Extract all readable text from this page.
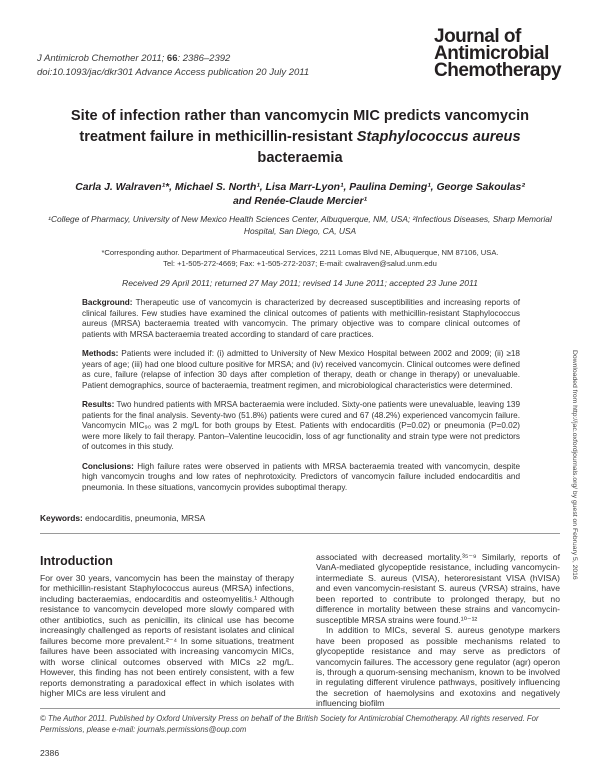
J Antimicrob Chemother 2011; 66: 2386–2392
doi:10.1093/jac/dkr301 Advance Access publication 20 July 2011
Journal of
Antimicrobial
Chemotherapy
Site of infection rather than vancomycin MIC predicts vancomycin treatment failure in methicillin-resistant Staphylococcus aureus bacteraemia
Carla J. Walraven¹*, Michael S. North¹, Lisa Marr-Lyon¹, Paulina Deming¹, George Sakoulas²
and Renée-Claude Mercier¹
¹College of Pharmacy, University of New Mexico Health Sciences Center, Albuquerque, NM, USA; ²Infectious Diseases, Sharp Memorial Hospital, San Diego, CA, USA
*Corresponding author. Department of Pharmaceutical Services, 2211 Lomas Blvd NE, Albuquerque, NM 87106, USA.
Tel: +1-505-272-4669; Fax: +1-505-272-2037; E-mail: cwalraven@salud.unm.edu
Received 29 April 2011; returned 27 May 2011; revised 14 June 2011; accepted 23 June 2011

Background: Therapeutic use of vancomycin is characterized by decreased susceptibilities and increasing reports of clinical failures. Few studies have examined the clinical outcomes of patients with methicillin-resistant Staphylococcus aureus (MRSA) bacteraemia treated with vancomycin. The primary objective was to compare clinical outcomes of patients with MRSA bacteraemia treated according to standard of care practices.

Methods: Patients were included if: (i) admitted to University of New Mexico Hospital between 2002 and 2009; (ii) ≥18 years of age; (iii) had one blood culture positive for MRSA; and (iv) received vancomycin. Clinical outcomes were defined as cure, failure (relapse of infection 30 days after completion of therapy, death or change in therapy) or unevaluable. Patient demographics, source of bacteraemia, treatment regimen, and microbiological characteristics were determined.

Results: Two hundred patients with MRSA bacteraemia were included. Sixty-one patients were unevaluable, leaving 139 patients for the final analysis. Seventy-two (51.8%) patients were cured and 67 (48.2%) experienced vancomycin failure. Vancomycin MIC₉₀ was 2 mg/L for both groups by Etest. Patients with endocarditis (P=0.02) or pneumonia (P=0.02) were more likely to fail therapy. Panton–Valentine leucocidin, loss of agr functionality and strain type were not predictors of outcomes in this study.

Conclusions: High failure rates were observed in patients with MRSA bacteraemia treated with vancomycin, despite high vancomycin troughs and low rates of nephrotoxicity. Predictors of vancomycin failure included endocarditis and pneumonia. In these situations, vancomycin provides suboptimal therapy.

Keywords: endocarditis, pneumonia, MRSA
Introduction

For over 30 years, vancomycin has been the mainstay of therapy for methicillin-resistant Staphylococcus aureus (MRSA) infections, including bacteraemias, endocarditis and osteomyelitis.¹ Although resistance to vancomycin developed more slowly compared with other antibiotics, such as penicillin, its clinical use has become increasingly challenged as reports of resistant isolates and clinical failures become more prevalent.²⁻⁴ In some situations, treatment failures have been associated with increasing vancomycin MICs, with worse clinical outcomes observed with MICs ≥2 mg/L. However, this finding has not been entirely consistent, with a few reports demonstrating a paradoxical effect in which isolates with higher MICs are less virulent and

associated with decreased mortality.³⁵⁻⁹ Similarly, reports of VanA-mediated glycopeptide resistance, including vancomycin-intermediate S. aureus (VISA), heteroresistant VISA (hVISA) and even vancomycin-resistant S. aureus (VRSA) strains, have been reported to contribute to prolonged therapy, but no difference in mortality between these strains and vancomycin-susceptible MRSA strains were found.¹⁰⁻¹²

In addition to MICs, several S. aureus genotype markers have been proposed as possible mechanisms related to glycopeptide resistance and may serve as predictors of vancomycin failures. The accessory gene regulator (agr) operon is, through a quorum-sensing mechanism, known to be involved in regulating different virulence pathways, positively influencing the secretion of haemolysins and exotoxins and negatively influencing biofilm

© The Author 2011. Published by Oxford University Press on behalf of the British Society for Antimicrobial Chemotherapy. All rights reserved. For Permissions, please e-mail: journals.permissions@oup.com
2386
Downloaded from http://jac.oxfordjournals.org/ by guest on February 5, 2016
